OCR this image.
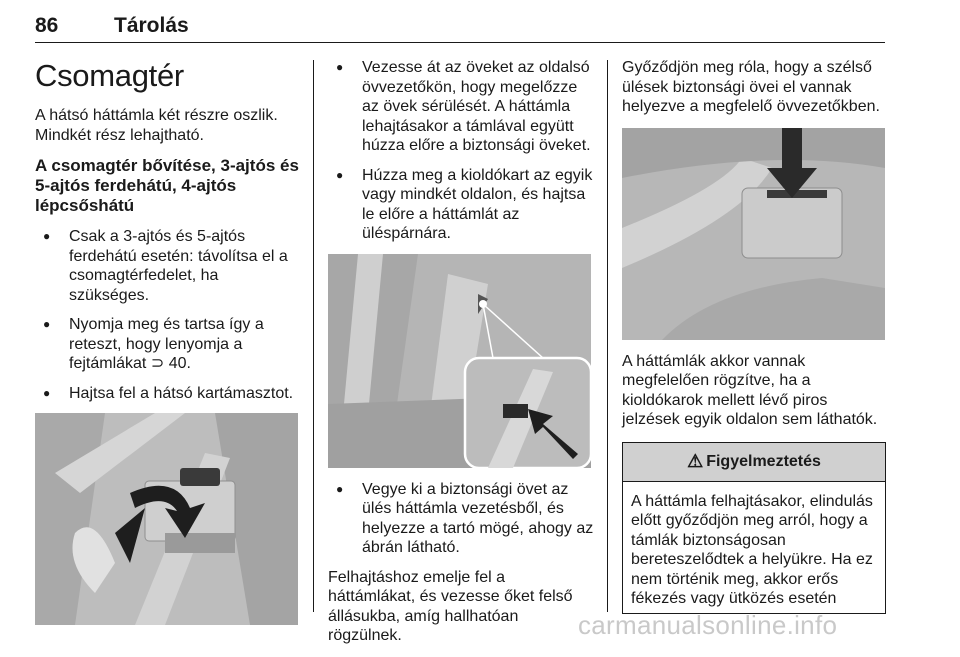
86	Tárolás
Csomagtér

A hátsó háttámla két részre oszlik. Mindkét rész lehajtható.

A csomagtér bővítése, 3-ajtós és 5-ajtós ferdehátú, 4-ajtós lépcsőshátú
● Csak a 3-ajtós és 5-ajtós ferdehátú esetén: távolítsa el a csomagtérfedelet, ha szükséges.
● Nyomja meg és tartsa így a reteszt, hogy lenyomja a fejtámlákat ⊃ 40.
● Hajtsa fel a hátsó kartámasztot.
● Vezesse át az öveket az oldalsó övvezetőkön, hogy megelőzze az övek sérülését. A háttámla lehajtásakor a támlával együtt húzza előre a biztonsági öveket.
● Húzza meg a kioldókart az egyik vagy mindkét oldalon, és hajtsa le előre a háttámlát az üléspárnára.
● Vegye ki a biztonsági övet az ülés háttámla vezetésből, és helyezze a tartó mögé, ahogy az ábrán látható.

Felhajtáshoz emelje fel a háttámlákat, és vezesse őket felső állásukba, amíg hallhatóan rögzülnek.

Győződjön meg róla, hogy a szélső ülések biztonsági övei el vannak helyezve a megfelelő övvezetőkben.

A háttámlák akkor vannak megfelelően rögzítve, ha a kioldókarok mellett lévő piros jelzések egyik oldalon sem láthatók.

⚠ Figyelmeztetés
A háttámla felhajtásakor, elindulás előtt győződjön meg arról, hogy a támlák biztonságosan bereteszelődtek a helyükre. Ha ez nem történik meg, akkor erős fékezés vagy ütközés esetén
carmanualsonline.info
